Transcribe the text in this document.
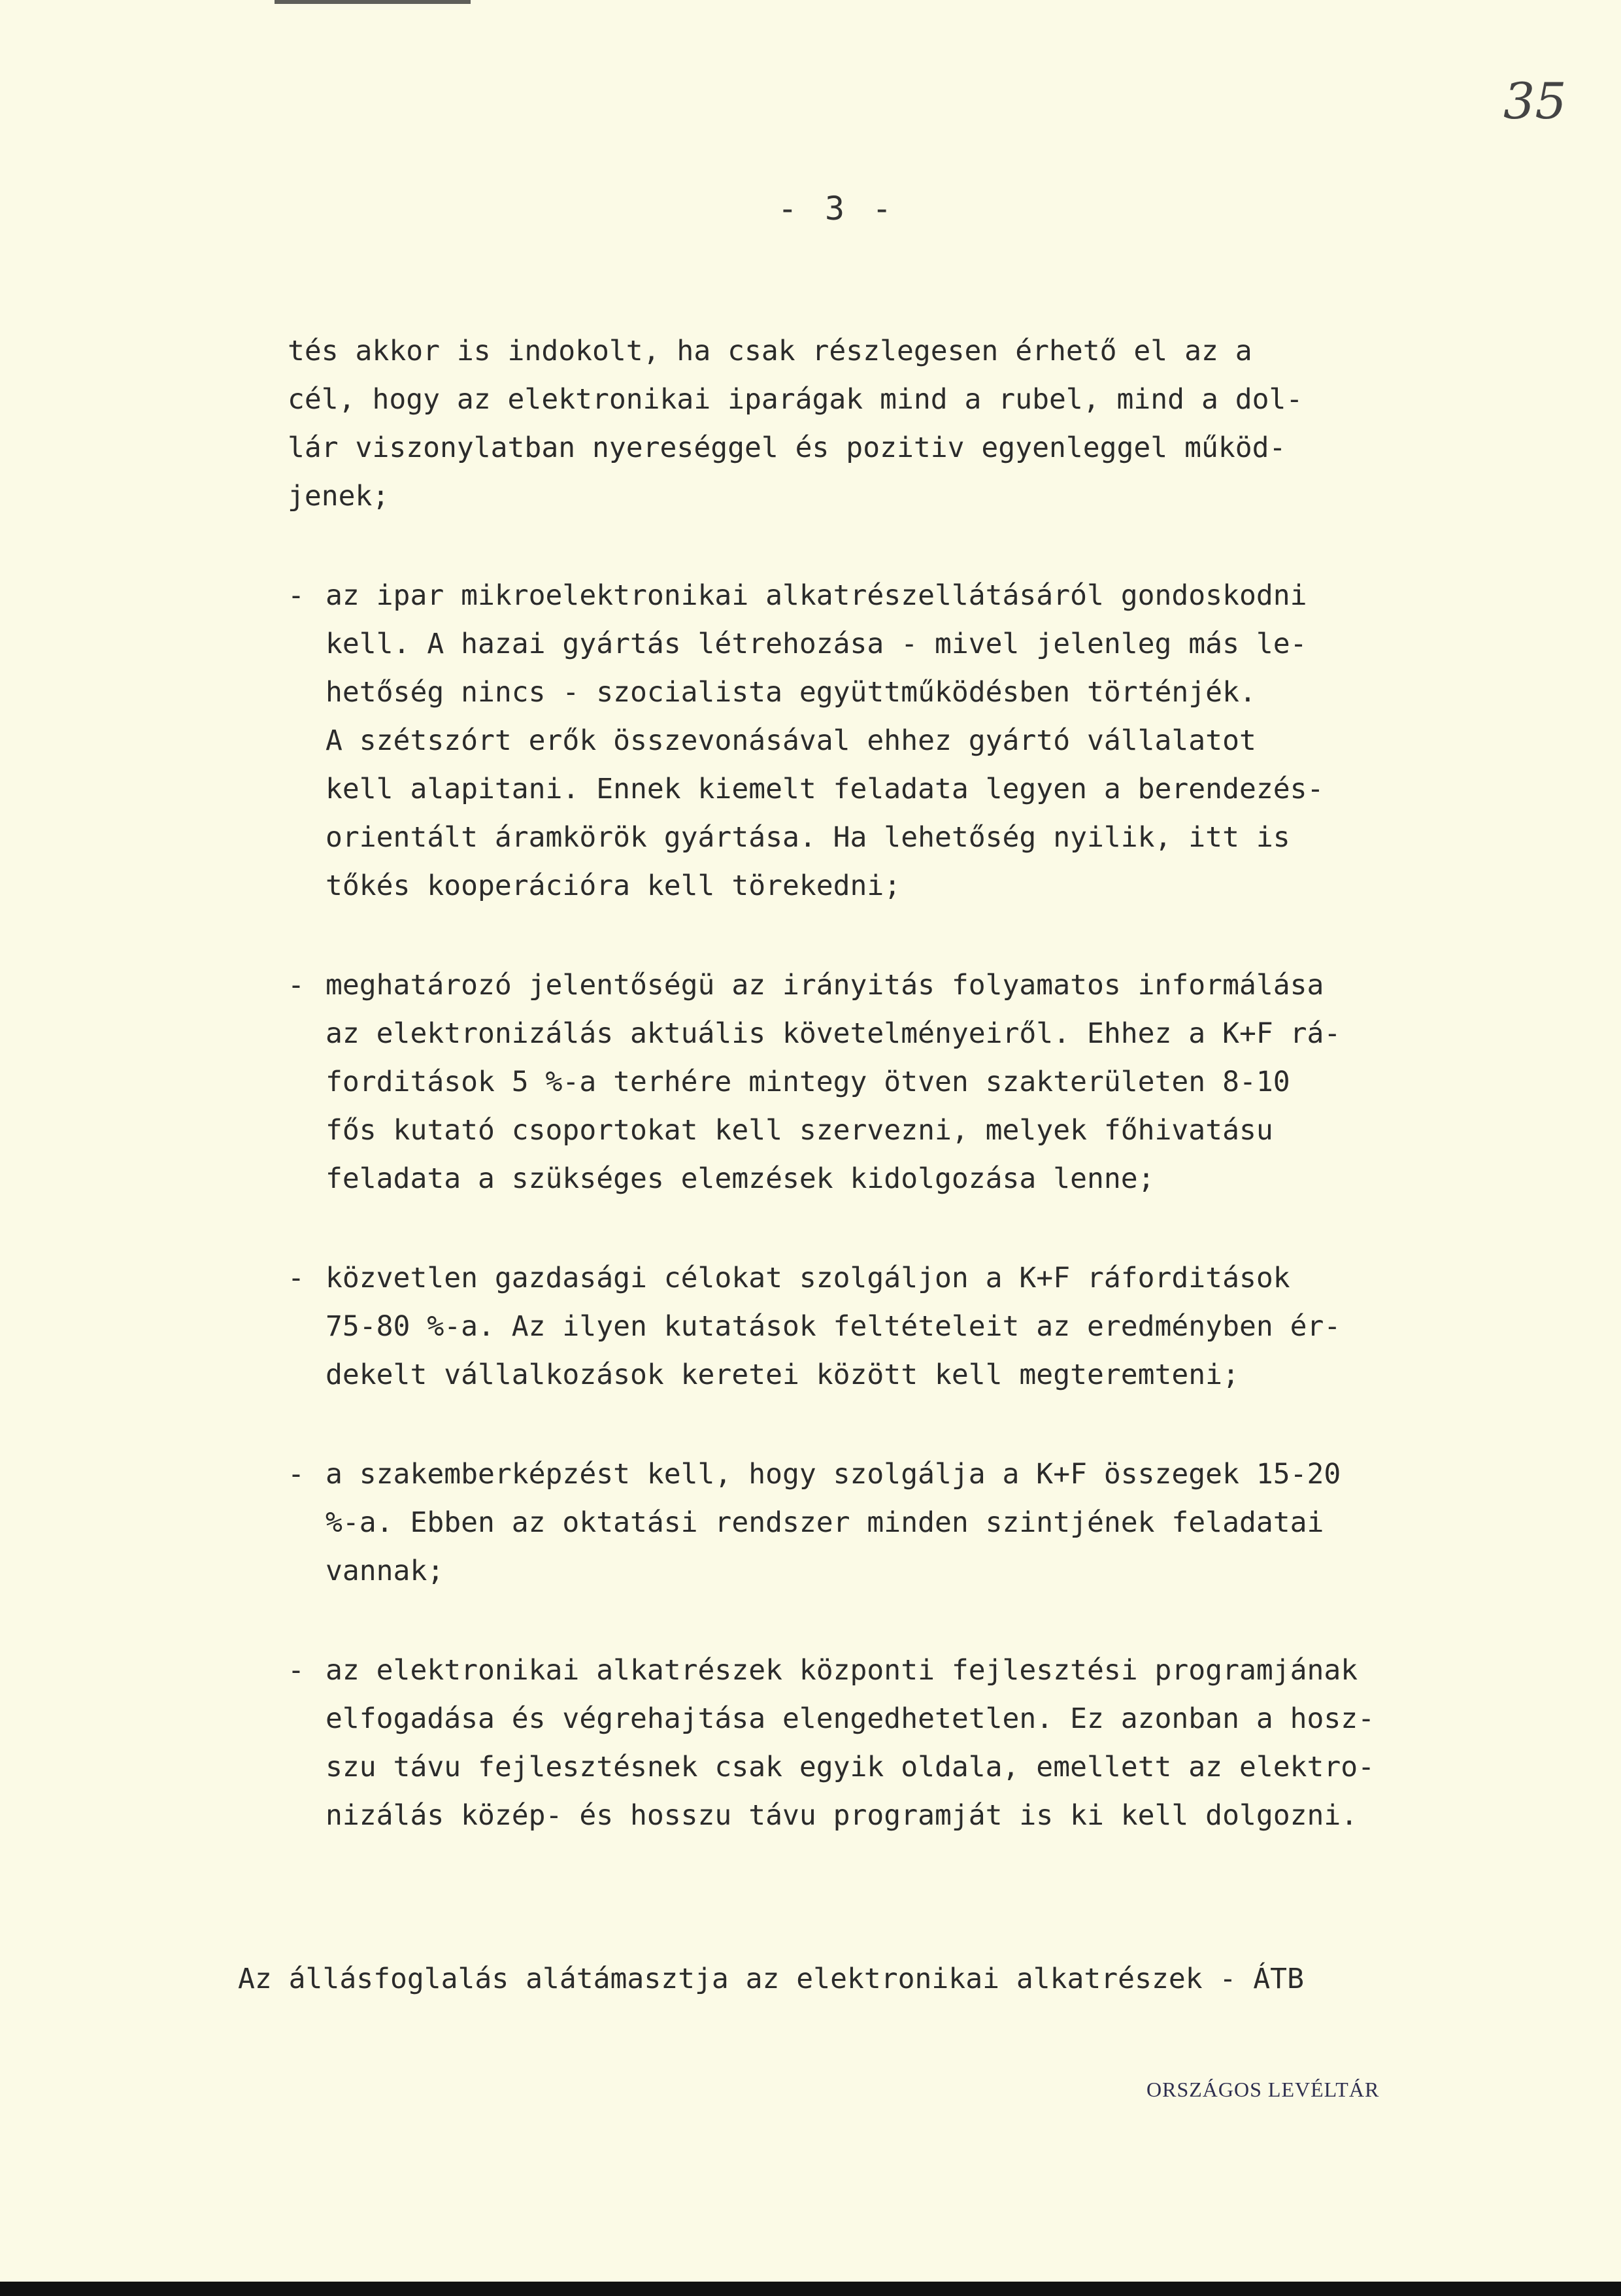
35
- 3 -
tés akkor is indokolt, ha csak részlegesen érhető el az a
cél, hogy az elektronikai iparágak mind a rubel, mind a dol-
lár viszonylatban nyereséggel és pozitiv egyenleggel működ-
jenek;
- az ipar mikroelektronikai alkatrészellátásáról gondoskodni
kell. A hazai gyártás létrehozása - mivel jelenleg más le-
hetőség nincs - szocialista együttműködésben történjék.
A szétszórt erők összevonásával ehhez gyártó vállalatot
kell alapitani. Ennek kiemelt feladata legyen a berendezés-
orientált áramkörök gyártása. Ha lehetőség nyilik, itt is
tőkés kooperációra kell törekedni;
- meghatározó jelentőségü az irányitás folyamatos informálása
az elektronizálás aktuális követelményeiről. Ehhez a K+F rá-
forditások 5 %-a terhére mintegy ötven szakterületen 8-10
fős kutató csoportokat kell szervezni, melyek főhivatásu
feladata a szükséges elemzések kidolgozása lenne;
- közvetlen gazdasági célokat szolgáljon a K+F ráforditások
75-80 %-a. Az ilyen kutatások feltételeit az eredményben ér-
dekelt vállalkozások keretei között kell megteremteni;
- a szakemberképzést kell, hogy szolgálja a K+F összegek 15-20
%-a. Ebben az oktatási rendszer minden szintjének feladatai
vannak;
- az elektronikai alkatrészek központi fejlesztési programjának
elfogadása és végrehajtása elengedhetetlen. Ez azonban a hosz-
szu távu fejlesztésnek csak egyik oldala, emellett az elektro-
nizálás közép- és hosszu távu programját is ki kell dolgozni.
Az állásfoglalás alátámasztja az elektronikai alkatrészek - ÁTB
ORSZÁGOS LEVÉLTÁR
